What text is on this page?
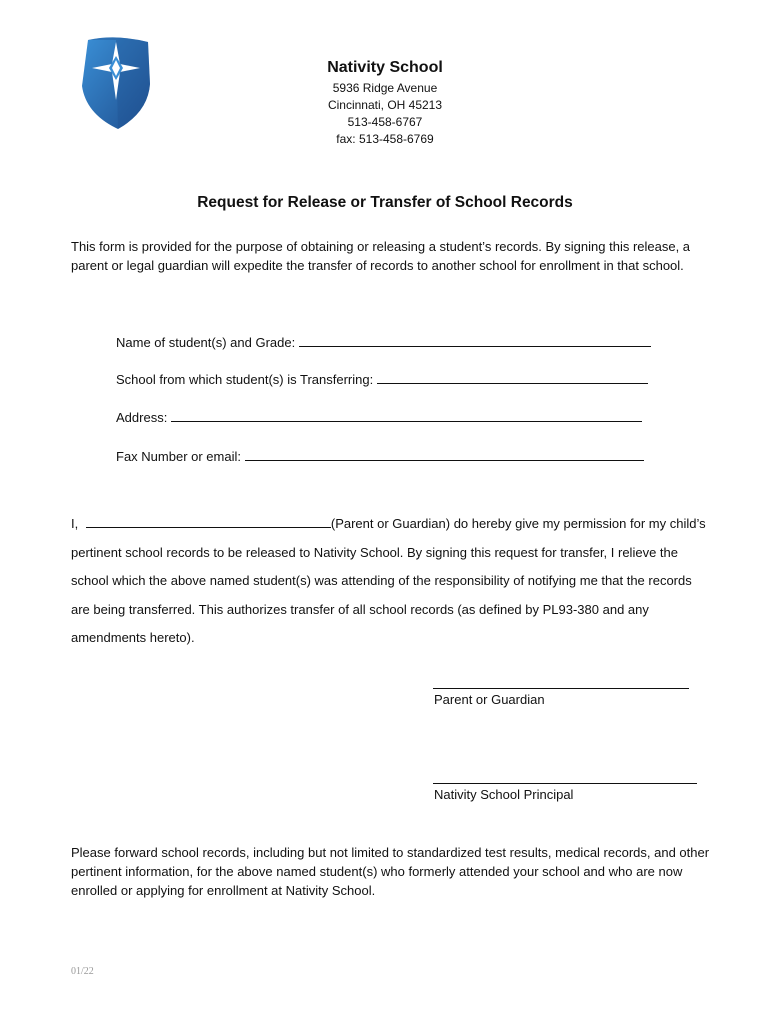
Nativity School
5936 Ridge Avenue
Cincinnati, OH 45213
513-458-6767
fax: 513-458-6769
Request for Release or Transfer of School Records
This form is provided for the purpose of obtaining or releasing a student’s records. By signing this release, a parent or legal guardian will expedite the transfer of records to another school for enrollment in that school.
Name of student(s) and Grade:
School from which student(s) is Transferring:
Address:
Fax Number or email:
I,	(Parent or Guardian) do hereby give my permission for my child’s pertinent school records to be released to Nativity School. By signing this request for transfer, I relieve the school which the above named student(s) was attending of the responsibility of notifying me that the records are being transferred. This authorizes transfer of all school records (as defined by PL93-380 and any amendments hereto).
Parent or Guardian
Nativity School Principal
Please forward school records, including but not limited to standardized test results, medical records, and other pertinent information, for the above named student(s) who formerly attended your school and who are now enrolled or applying for enrollment at Nativity School.
01/22
